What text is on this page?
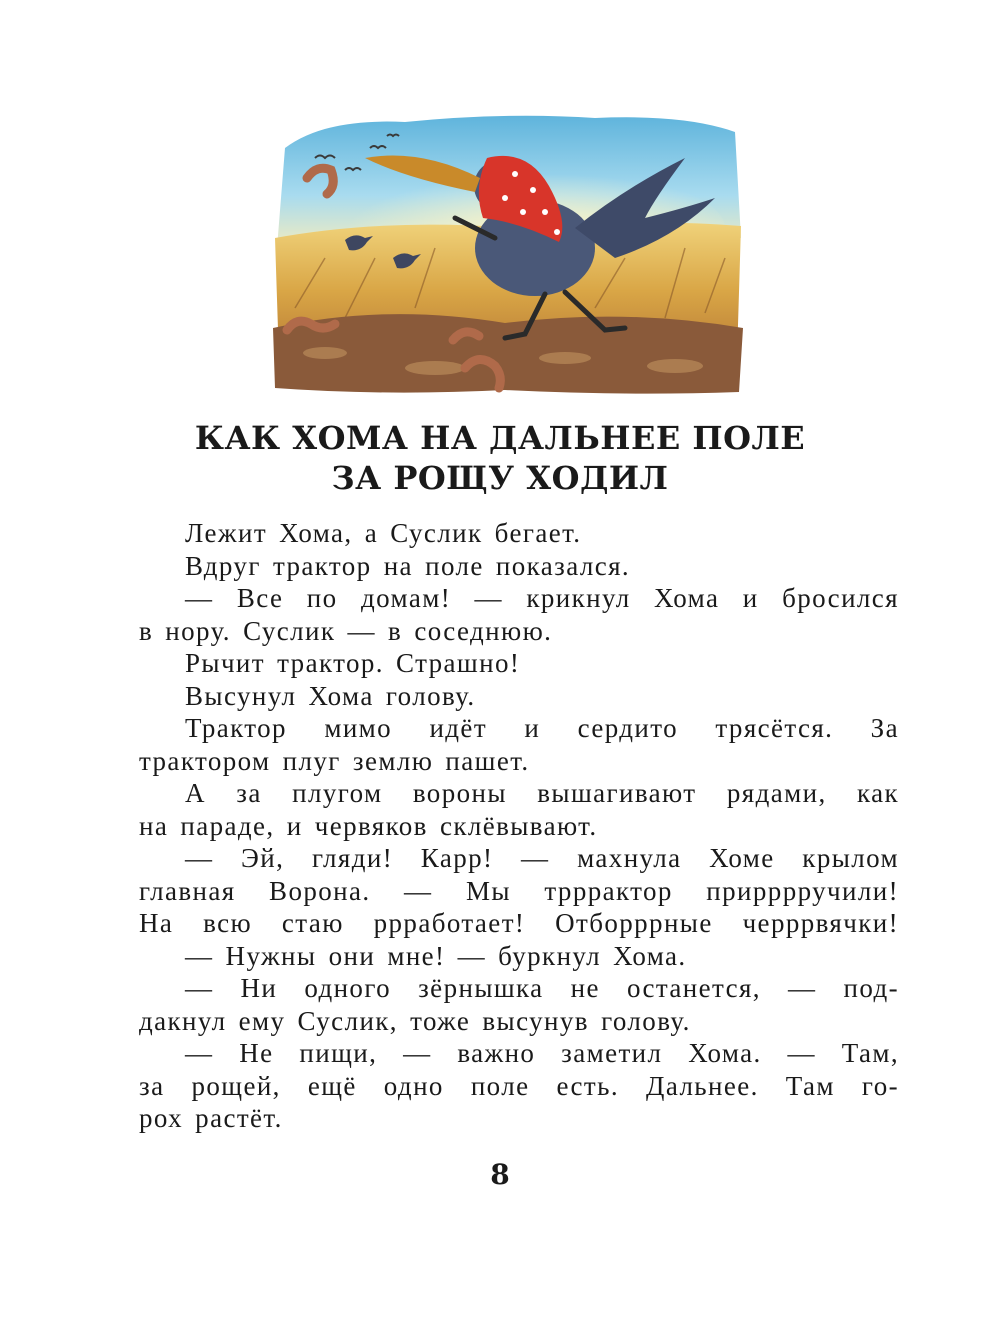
КАК ХОМА НА ДАЛЬНЕЕ ПОЛЕ
ЗА РОЩУ ХОДИЛ
Лежит Хома, а Суслик бегает.
Вдруг трактор на поле показался.
— Все по домам! — крикнул Хома и бросился
в нору. Суслик — в соседнюю.
Рычит трактор. Страшно!
Высунул Хома голову.
Трактор мимо идёт и сердито трясётся. За
трактором плуг землю пашет.
А за плугом вороны вышагивают рядами, как
на параде, и червяков склёвывают.
— Эй, гляди! Карр! — махнула Хоме крылом
главная Ворона. — Мы трррактор прирррручили!
На всю стаю ррработает! Отборррные черррвячки!
— Нужны они мне! — буркнул Хома.
— Ни одного зёрнышка не останется, — под-
дакнул ему Суслик, тоже высунув голову.
— Не пищи, — важно заметил Хома. — Там,
за рощей, ещё одно поле есть. Дальнее. Там го-
рох растёт.
8
